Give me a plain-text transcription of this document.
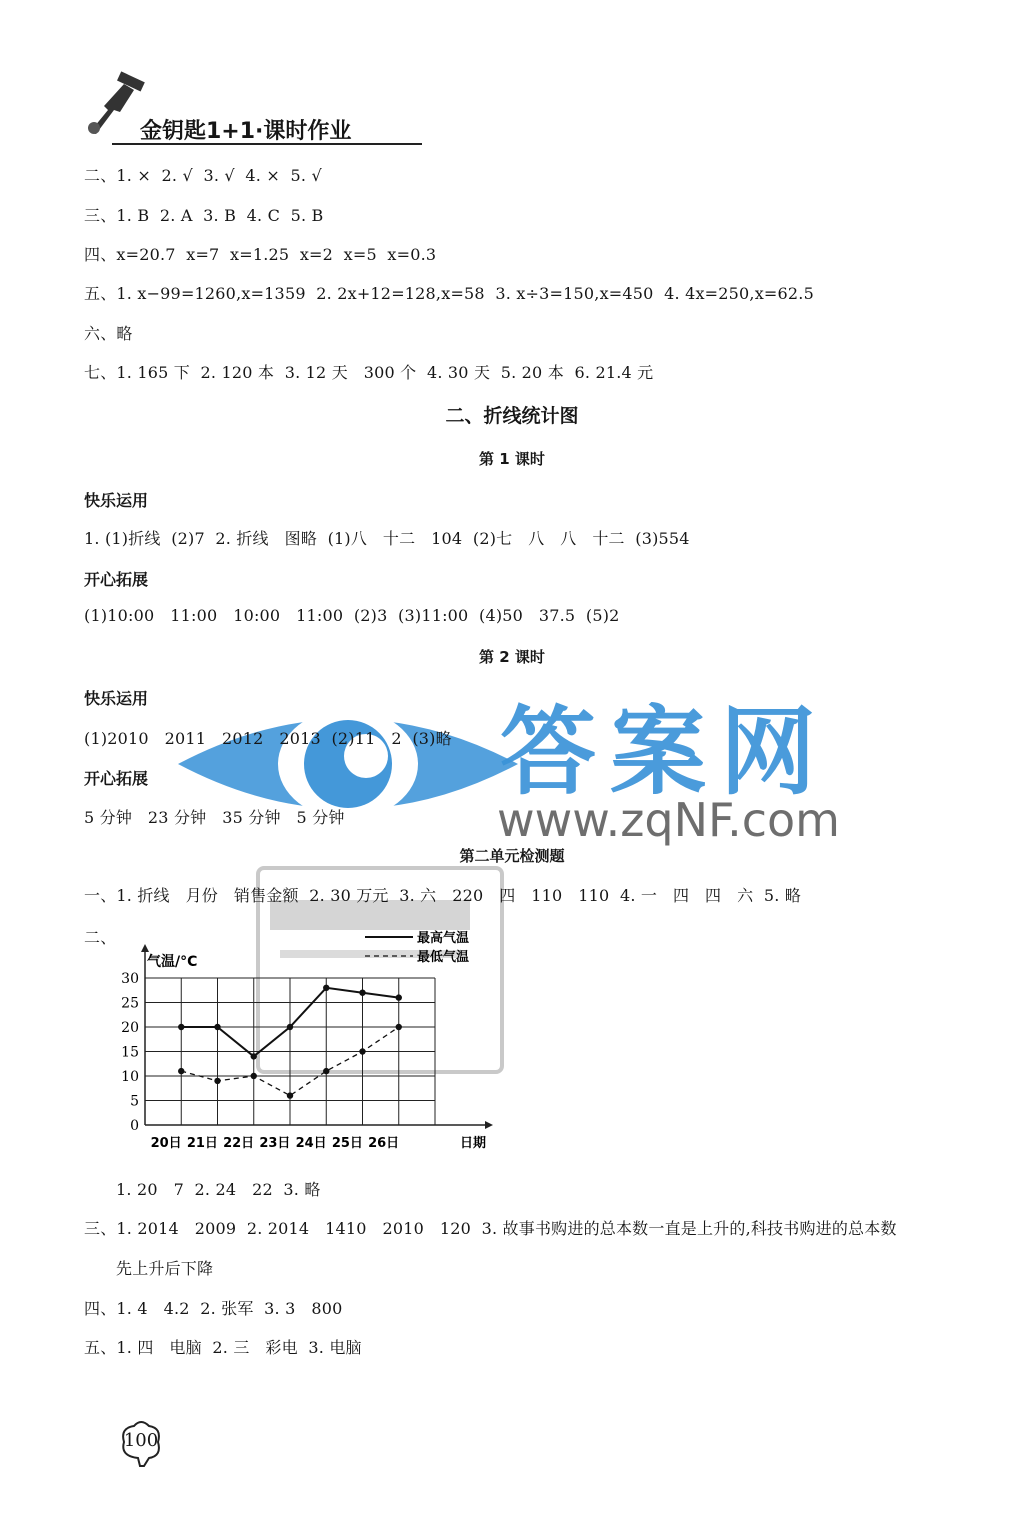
金钥匙1+1·课时作业
二、1. ×  2. √  3. √  4. ×  5. √
三、1. B  2. A  3. B  4. C  5. B
四、x=20.7  x=7  x=1.25  x=2  x=5  x=0.3
五、1. x−99=1260,x=1359  2. 2x+12=128,x=58  3. x÷3=150,x=450  4. 4x=250,x=62.5
六、略
七、1. 165 下  2. 120 本  3. 12 天   300 个  4. 30 天  5. 20 本  6. 21.4 元
二、折线统计图
第 1 课时
快乐运用
1. (1)折线  (2)7  2. 折线   图略  (1)八   十二   104  (2)七   八   八   十二  (3)554
开心拓展
(1)10:00   11:00   10:00   11:00  (2)3  (3)11:00  (4)50   37.5  (5)2
第 2 课时
快乐运用	答案网
www.zqNF.com
(1)2010   2011   2012   2013  (2)11   2  (3)略
开心拓展
5 分钟   23 分钟   35 分钟   5 分钟
第二单元检测题
一、1. 折线   月份   销售金额  2. 30 万元  3. 六   220   四   110   110  4. 一   四   四   六  5. 略
二、
0
5
10
15
20
25
30
气温/°C
20日 21日 22日 23日 24日 25日 26日	日期
最高气温
最低气温
1. 20   7  2. 24   22  3. 略
三、1. 2014   2009  2. 2014   1410   2010   120  3. 故事书购进的总本数一直是上升的,科技书购进的总本数
先上升后下降
四、1. 4   4.2  2. 张军  3. 3   800
五、1. 四   电脑  2. 三   彩电  3. 电脑
100
